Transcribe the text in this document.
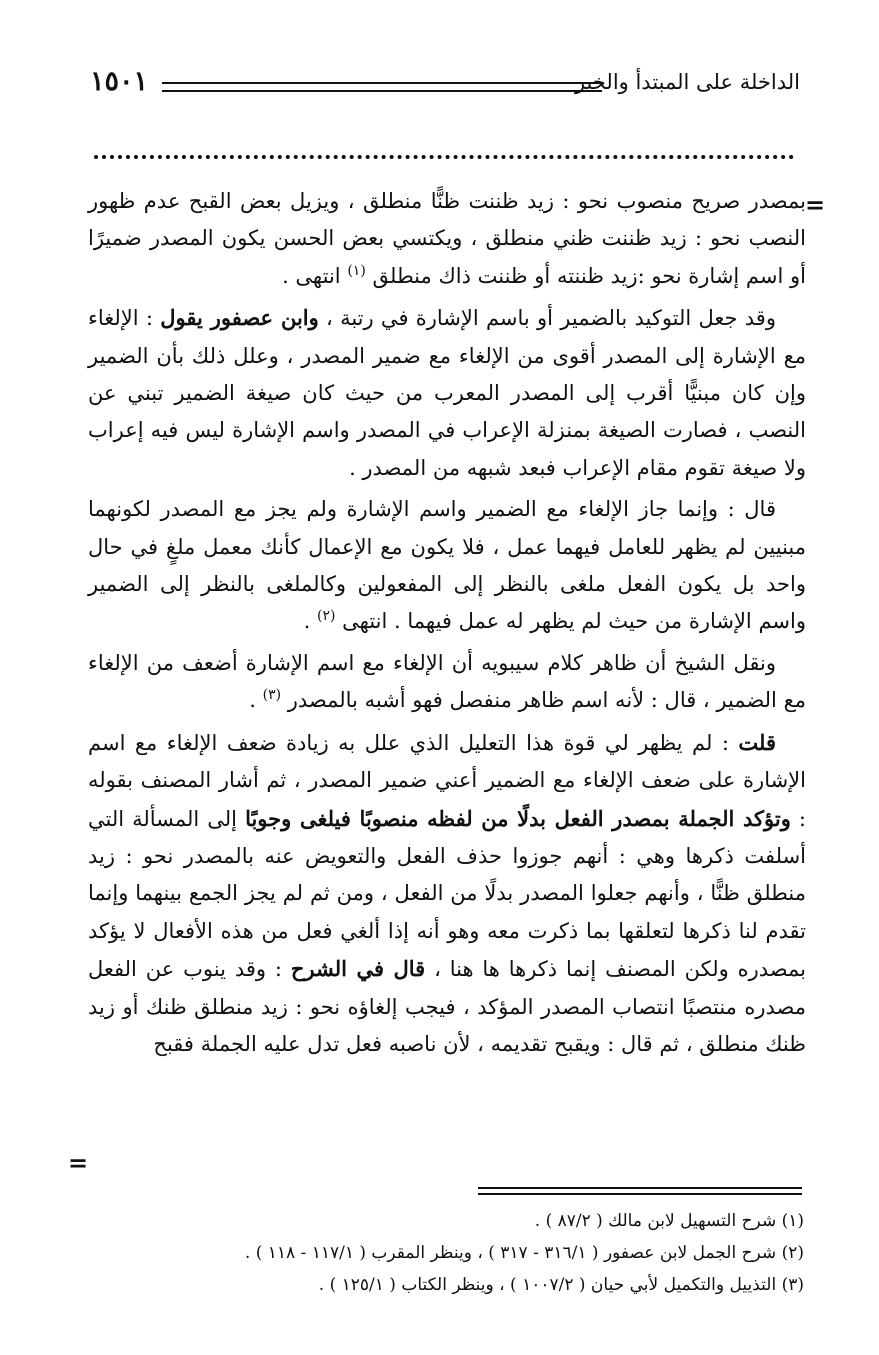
الداخلة على المبتدأ والخبر
١٥٠١
=

بمصدر صريح منصوب نحو : زيد ظننت ظنًّا منطلق ، ويزيل بعض القبح عدم ظهور النصب نحو : زيد ظننت ظني منطلق ، ويكتسي بعض الحسن يكون المصدر ضميرًا أو اسم إشارة نحو :زيد ظننته أو ظننت ذاك منطلق $^{(١)}$ انتهى .

وقد جعل التوكيد بالضمير أو باسم الإشارة في رتبة ، وابن عصفور يقول : الإلغاء مع الإشارة إلى المصدر أقوى من الإلغاء مع ضمير المصدر ، وعلل ذلك بأن الضمير وإن كان مبنيًّا أقرب إلى المصدر المعرب من حيث كان صيغة الضمير تبني عن النصب ، فصارت الصيغة بمنزلة الإعراب في المصدر واسم الإشارة ليس فيه إعراب ولا صيغة تقوم مقام الإعراب فبعد شبهه من المصدر .

قال : وإنما جاز الإلغاء مع الضمير واسم الإشارة ولم يجز مع المصدر لكونهما مبنيين لم يظهر للعامل فيهما عمل ، فلا يكون مع الإعمال كأنك معمل ملغٍ في حال واحد بل يكون الفعل ملغى بالنظر إلى المفعولين وكالملغى بالنظر إلى الضمير واسم الإشارة من حيث لم يظهر له عمل فيهما . انتهى $^{(٢)}$ .

ونقل الشيخ أن ظاهر كلام سيبويه أن الإلغاء مع اسم الإشارة أضعف من الإلغاء مع الضمير ، قال : لأنه اسم ظاهر منفصل فهو أشبه بالمصدر $^{(٣)}$ .

قلت : لم يظهر لي قوة هذا التعليل الذي علل به زيادة ضعف الإلغاء مع اسم الإشارة على ضعف الإلغاء مع الضمير أعني ضمير المصدر ، ثم أشار المصنف بقوله : وتؤكد الجملة بمصدر الفعل بدلًا من لفظه منصوبًا فيلغى وجوبًا إلى المسألة التي أسلفت ذكرها وهي : أنهم جوزوا حذف الفعل والتعويض عنه بالمصدر نحو : زيد منطلق ظنًّا ، وأنهم جعلوا المصدر بدلًا من الفعل ، ومن ثم لم يجز الجمع بينهما وإنما تقدم لنا ذكرها لتعلقها بما ذكرت معه وهو أنه إذا ألغي فعل من هذه الأفعال لا يؤكد بمصدره ولكن المصنف إنما ذكرها ها هنا ، قال في الشرح : وقد ينوب عن الفعل مصدره منتصبًا انتصاب المصدر المؤكد ، فيجب إلغاؤه نحو : زيد منطلق ظنك أو زيد ظنك منطلق ، ثم قال : ويقبح تقديمه ، لأن ناصبه فعل تدل عليه الجملة فقبح

=
(١) شرح التسهيل لابن مالك ( ٨٧/٢ ) .
(٢) شرح الجمل لابن عصفور ( ٣١٦/١ - ٣١٧ ) ، وينظر المقرب ( ١١٧/١ - ١١٨ ) .
(٣) التذييل والتكميل لأبي حيان ( ١٠٠٧/٢ ) ، وينظر الكتاب ( ١٢٥/١ ) .
